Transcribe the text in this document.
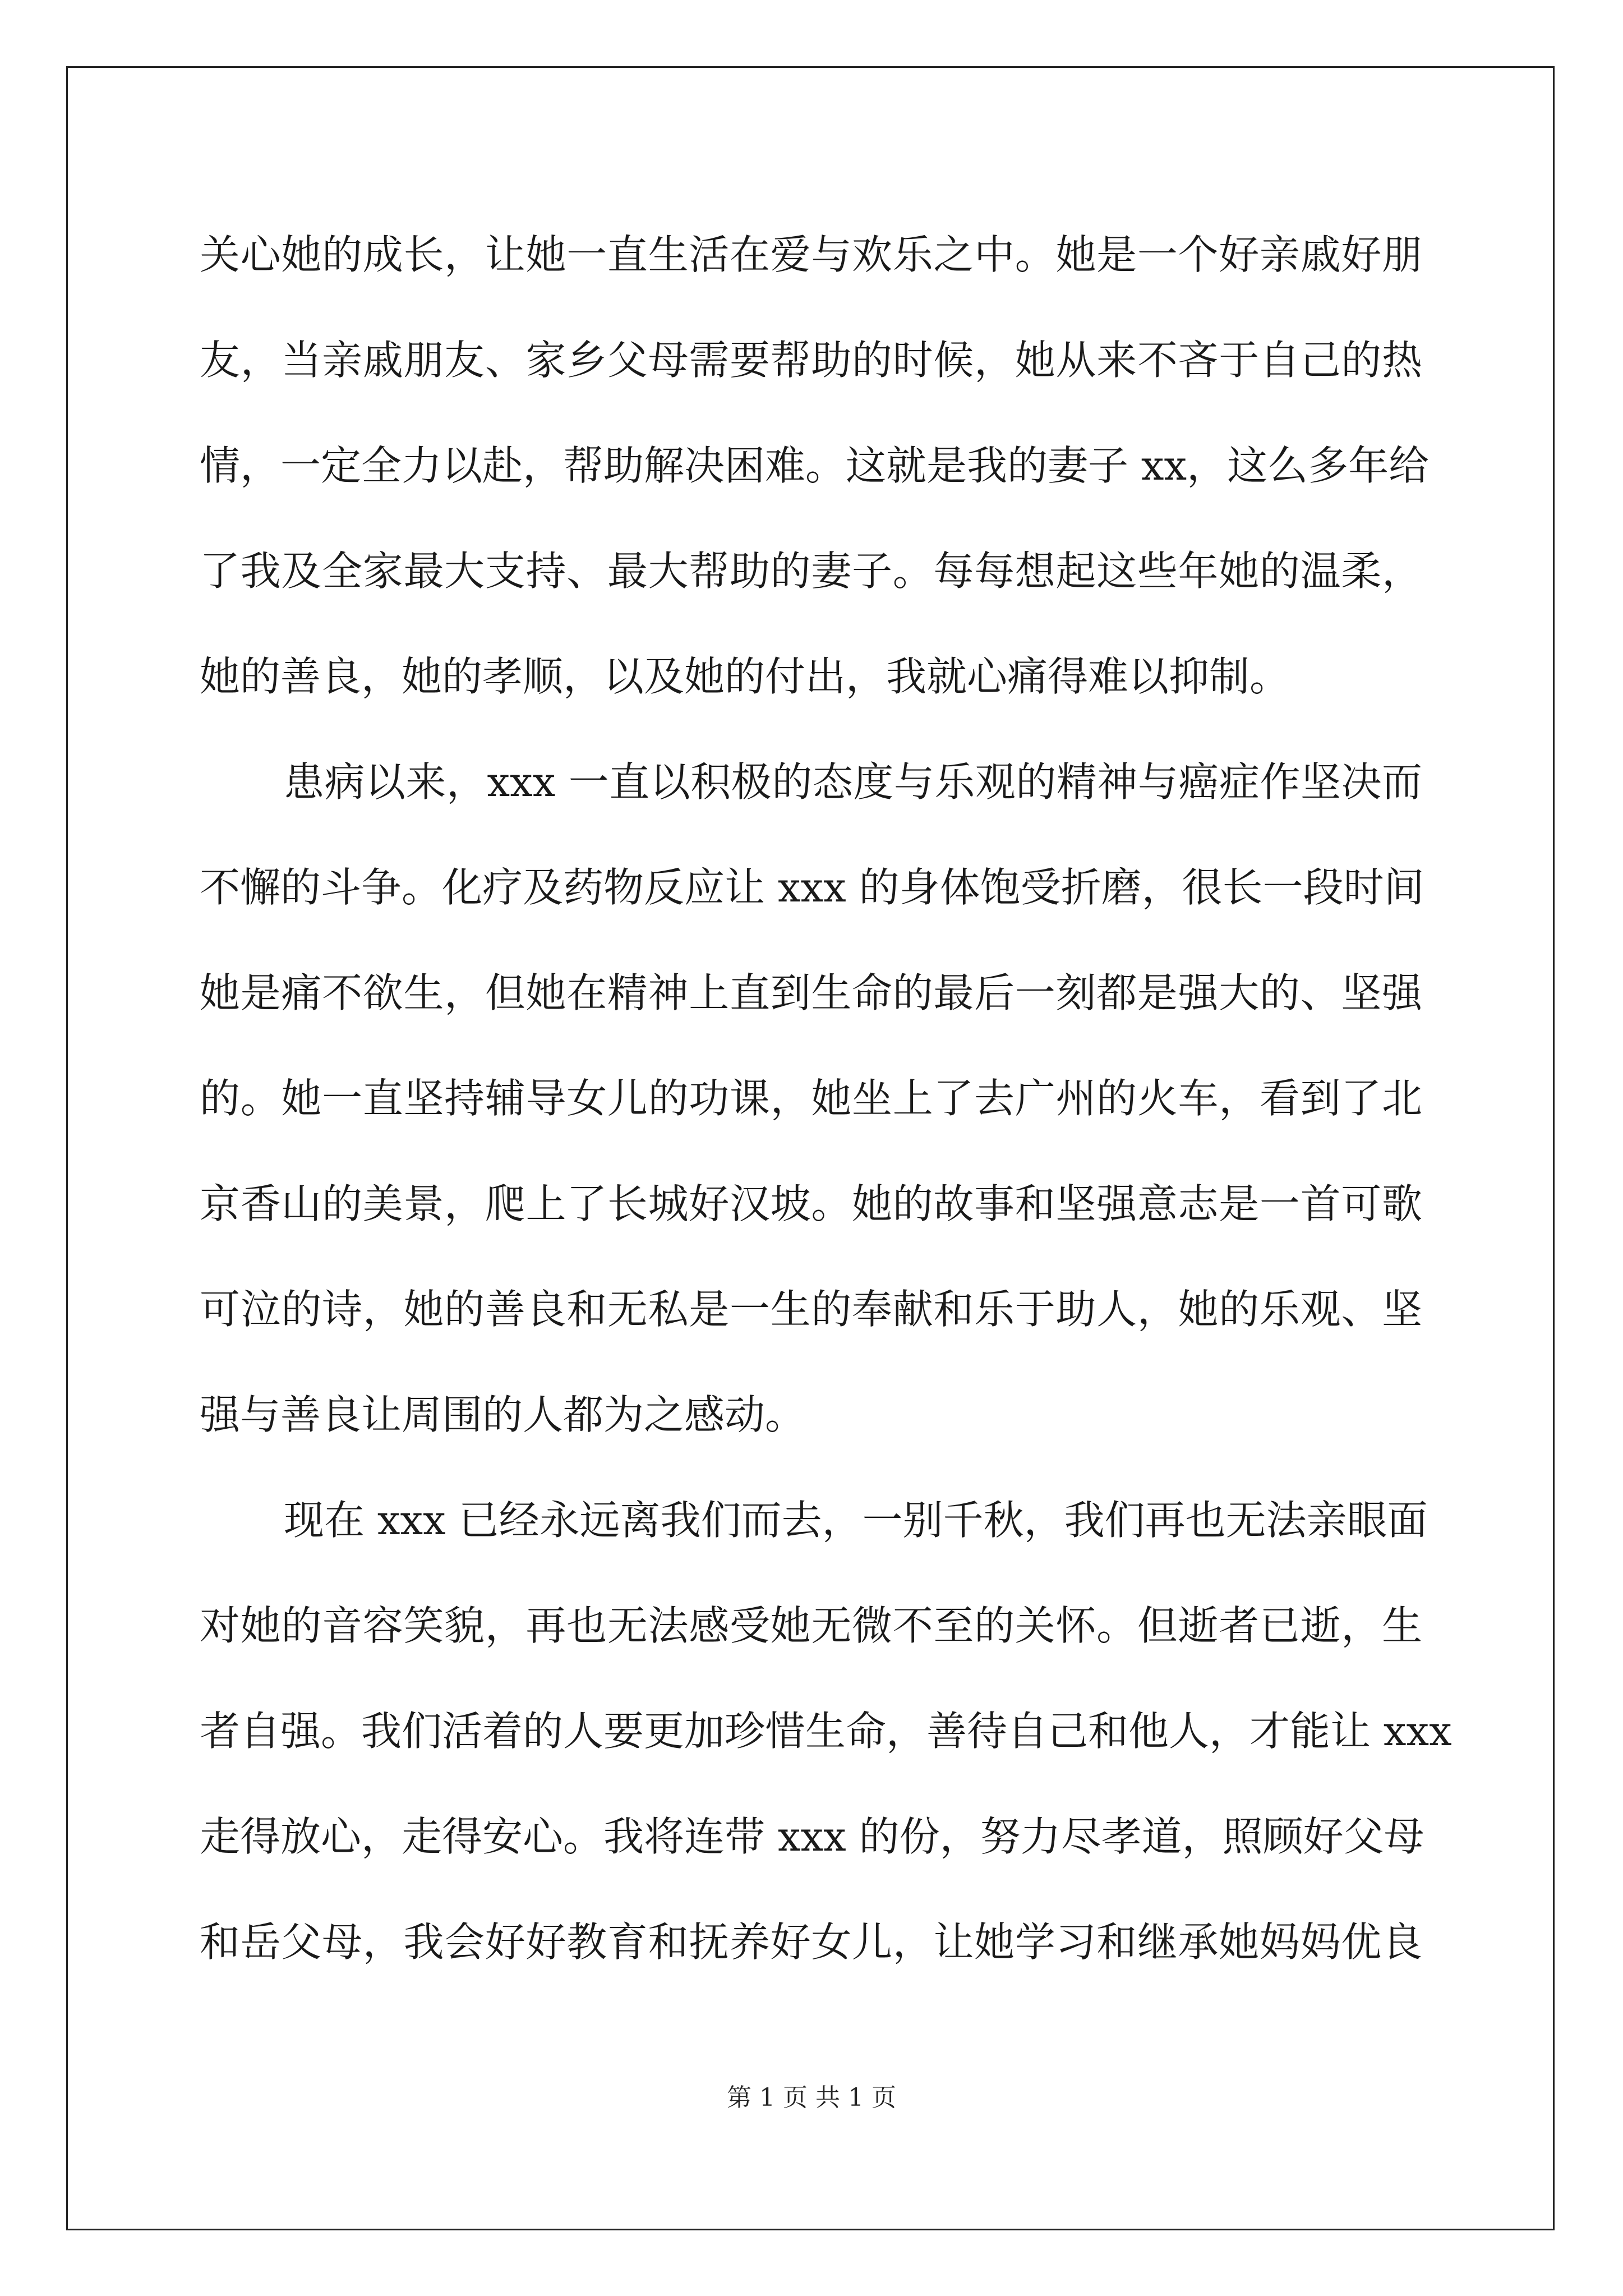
关心她的成长，让她一直生活在爱与欢乐之中。她是一个好亲戚好朋
友，当亲戚朋友、家乡父母需要帮助的时候，她从来不吝于自己的热
情，一定全力以赴，帮助解决困难。这就是我的妻子 xx，这么多年给
了我及全家最大支持、最大帮助的妻子。每每想起这些年她的温柔，
她的善良，她的孝顺，以及她的付出，我就心痛得难以抑制。
患病以来，xxx 一直以积极的态度与乐观的精神与癌症作坚决而
不懈的斗争。化疗及药物反应让 xxx 的身体饱受折磨，很长一段时间
她是痛不欲生，但她在精神上直到生命的最后一刻都是强大的、坚强
的。她一直坚持辅导女儿的功课，她坐上了去广州的火车，看到了北
京香山的美景，爬上了长城好汉坡。她的故事和坚强意志是一首可歌
可泣的诗，她的善良和无私是一生的奉献和乐于助人，她的乐观、坚
强与善良让周围的人都为之感动。
现在 xxx 已经永远离我们而去，一别千秋，我们再也无法亲眼面
对她的音容笑貌，再也无法感受她无微不至的关怀。但逝者已逝，生
者自强。我们活着的人要更加珍惜生命，善待自己和他人，才能让 xxx
走得放心，走得安心。我将连带 xxx 的份，努力尽孝道，照顾好父母
和岳父母，我会好好教育和抚养好女儿，让她学习和继承她妈妈优良
第 1 页 共 1 页
